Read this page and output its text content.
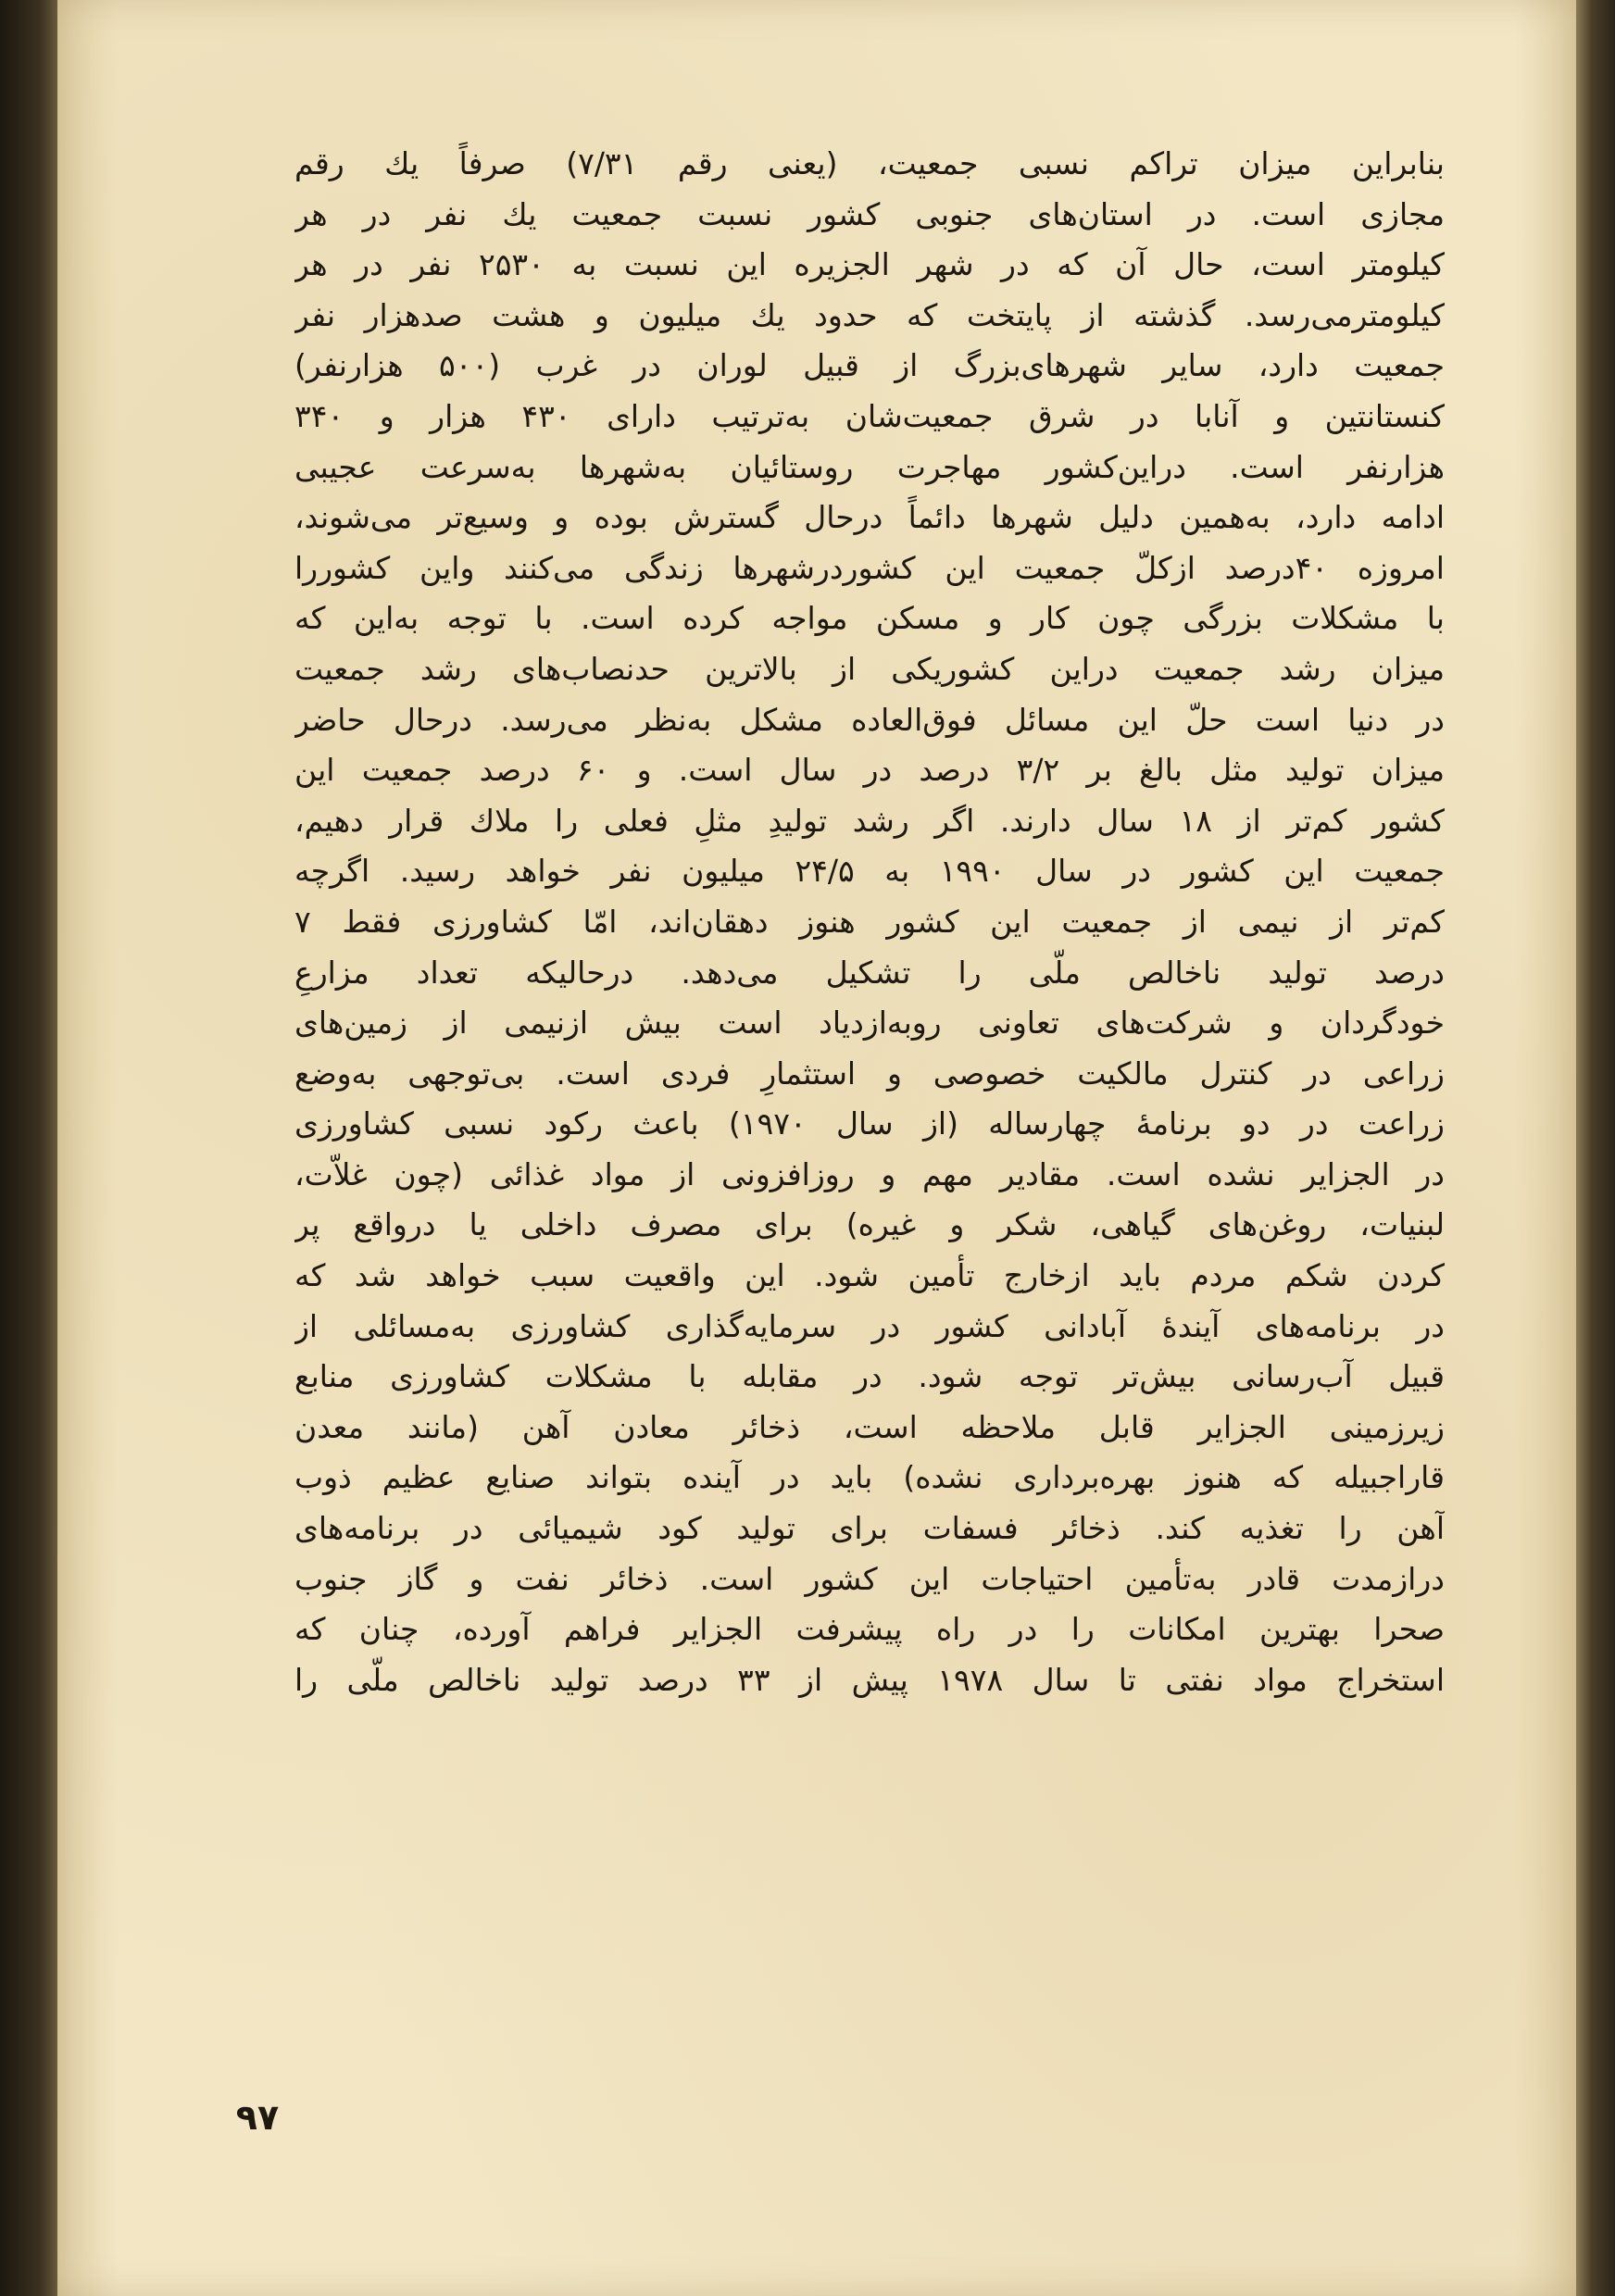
بنابراین میزان تراکم نسبی جمعیت، (یعنی رقم ۷/۳۱) صرفاً یك رقم
مجازی است. در استان‌های جنوبی کشور نسبت جمعیت یك نفر در هر
کیلومتر است، حال آن که در شهر الجزیره این نسبت به ۲۵۳۰ نفر در هر
کیلومترمی‌رسد. گذشته از پایتخت که حدود یك میلیون و هشت صدهزار نفر
جمعیت دارد، سایر شهرهای‌بزرگ از قبیل لوران در غرب (۵۰۰ هزارنفر)
کنستانتین و آنابا در شرق جمعیت‌شان به‌ترتیب دارای ۴۳۰ هزار و ۳۴۰
هزارنفر است. دراین‌کشور مهاجرت روستائیان به‌شهرها به‌سرعت عجیبی
ادامه دارد، به‌همین دلیل شهرها دائماً درحال گسترش بوده و وسیع‌تر می‌شوند،
امروزه ۴۰درصد ازکلّ جمعیت این کشوردرشهرها زندگی می‌کنند واین کشوررا
با مشکلات بزرگی چون کار و مسکن مواجه کرده است. با توجه به‌این که
میزان رشد جمعیت دراین کشوریکی از بالاترین حدنصاب‌های رشد جمعیت
در دنیا است حلّ این مسائل فوق‌العاده مشکل به‌نظر می‌رسد. درحال حاضر
میزان تولید مثل بالغ بر ۳/۲ درصد در سال است. و ۶۰ درصد جمعیت این
کشور کم‌تر از ۱۸ سال دارند. اگر رشد تولیدِ مثلِ فعلی را ملاك قرار دهیم،
جمعیت این کشور در سال ۱۹۹۰ به ۲۴/۵ میلیون نفر خواهد رسید. اگرچه
کم‌تر از نیمی از جمعیت این کشور هنوز دهقان‌اند، امّا کشاورزی فقط ۷
درصد تولید ناخالص ملّی را تشکیل می‌دهد. درحالیکه تعداد مزارعِ
خودگردان و شرکت‌های تعاونی روبه‌ازدیاد است بیش ازنیمی از زمین‌های
زراعی در کنترل مالکیت خصوصی و استثمارِ فردی است. بی‌توجهی به‌وضع
زراعت در دو برنامهٔ چهارساله (از سال ۱۹۷۰) باعث رکود نسبی کشاورزی
در الجزایر نشده است. مقادیر مهم و روزافزونی از مواد غذائی (چون غلاّت،
لبنیات، روغن‌های گیاهی، شکر و غیره) برای مصرف داخلی یا درواقع پر
کردن شکم مردم باید ازخارج تأمین شود. این واقعیت سبب خواهد شد که
در برنامه‌های آیندهٔ آبادانی کشور در سرمایه‌گذاری کشاورزی به‌مسائلی از
قبیل آب‌رسانی بیش‌تر توجه شود. در مقابله با مشکلات کشاورزی منابع
زیرزمینی الجزایر قابل ملاحظه است، ذخائر معادن آهن (مانند معدن
قاراجبیله که هنوز بهره‌برداری نشده) باید در آینده بتواند صنایع عظیم ذوب
آهن را تغذیه کند. ذخائر فسفات برای تولید کود شیمیائی در برنامه‌های
درازمدت قادر به‌تأمین احتیاجات این کشور است. ذخائر نفت و گاز جنوب
صحرا بهترین امکانات را در راه پیشرفت الجزایر فراهم آورده، چنان که
استخراج مواد نفتی تا سال ۱۹۷۸ پیش از ۳۳ درصد تولید ناخالص ملّی را
۹۷
